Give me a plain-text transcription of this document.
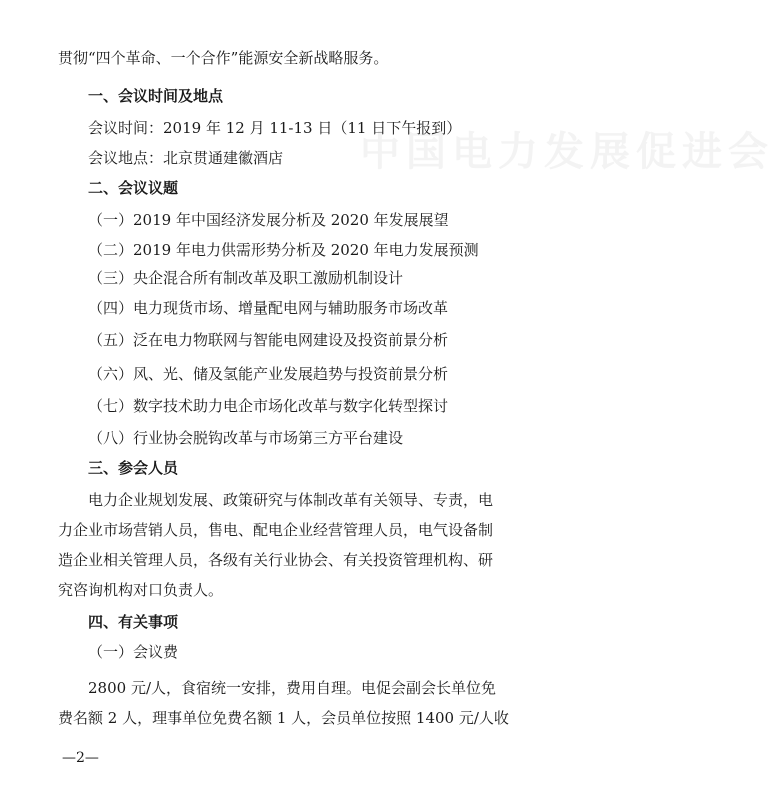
中国电力发展促进会
贯彻“四个革命、一个合作”能源安全新战略服务。
一、会议时间及地点
会议时间：2019 年 12 月 11-13 日（11 日下午报到）
会议地点：北京贯通建徽酒店
二、会议议题
（一）2019 年中国经济发展分析及 2020 年发展展望
（二）2019 年电力供需形势分析及 2020 年电力发展预测
（三）央企混合所有制改革及职工激励机制设计
（四）电力现货市场、增量配电网与辅助服务市场改革
（五）泛在电力物联网与智能电网建设及投资前景分析
（六）风、光、储及氢能产业发展趋势与投资前景分析
（七）数字技术助力电企市场化改革与数字化转型探讨
（八）行业协会脱钩改革与市场第三方平台建设
三、参会人员
电力企业规划发展、政策研究与体制改革有关领导、专责，电
力企业市场营销人员，售电、配电企业经营管理人员，电气设备制
造企业相关管理人员，各级有关行业协会、有关投资管理机构、研
究咨询机构对口负责人。
四、有关事项
（一）会议费
2800 元/人，食宿统一安排，费用自理。电促会副会长单位免
费名额 2 人，理事单位免费名额 1 人，会员单位按照 1400 元/人收
—2—
